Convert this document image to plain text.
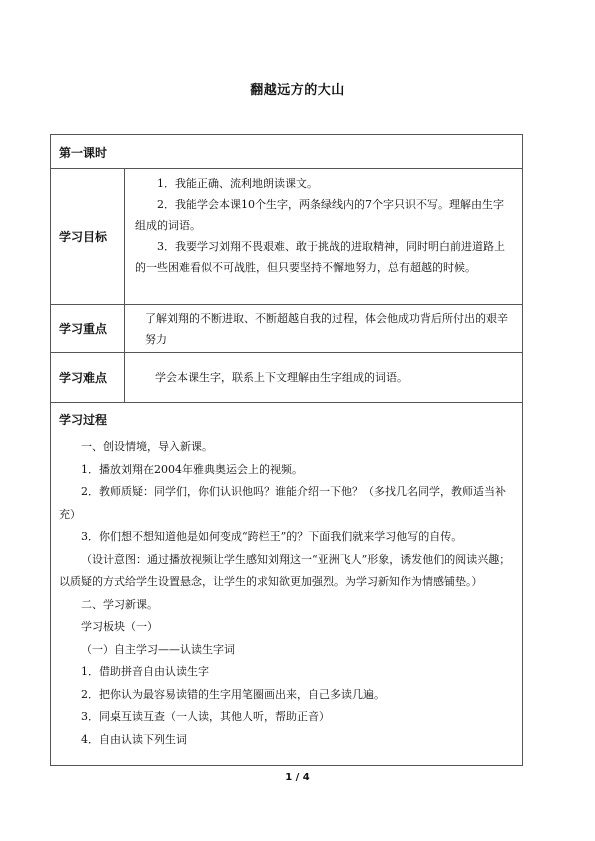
翻越远方的大山
第一课时
学习目标
1．我能正确、流利地朗读课文。
2．我能学会本课10个生字，两条绿线内的7个字只识不写。理解由生字组成的词语。
3．我要学习刘翔不畏艰难、敢于挑战的进取精神，同时明白前进道路上的一些困难看似不可战胜，但只要坚持不懈地努力，总有超越的时候。
学习重点
了解刘翔的不断进取、不断超越自我的过程，体会他成功背后所付出的艰辛努力
学习难点	学会本课生字，联系上下文理解由生字组成的词语。
学习过程

一、创设情境，导入新课。

1．播放刘翔在2004年雅典奥运会上的视频。

2．教师质疑：同学们，你们认识他吗？谁能介绍一下他？（多找几名同学，教师适当补充）

3．你们想不想知道他是如何变成“跨栏王”的？下面我们就来学习他写的自传。

（设计意图：通过播放视频让学生感知刘翔这一“亚洲飞人”形象，诱发他们的阅读兴趣；以质疑的方式给学生设置悬念，让学生的求知欲更加强烈。为学习新知作为情感铺垫。）

二、学习新课。

学习板块（一）

（一）自主学习——认读生字词

1．借助拼音自由认读生字

2．把你认为最容易读错的生字用笔圈画出来，自己多读几遍。

3．同桌互读互查（一人读，其他人听，帮助正音）

4．自由认读下列生词

1 / 4
